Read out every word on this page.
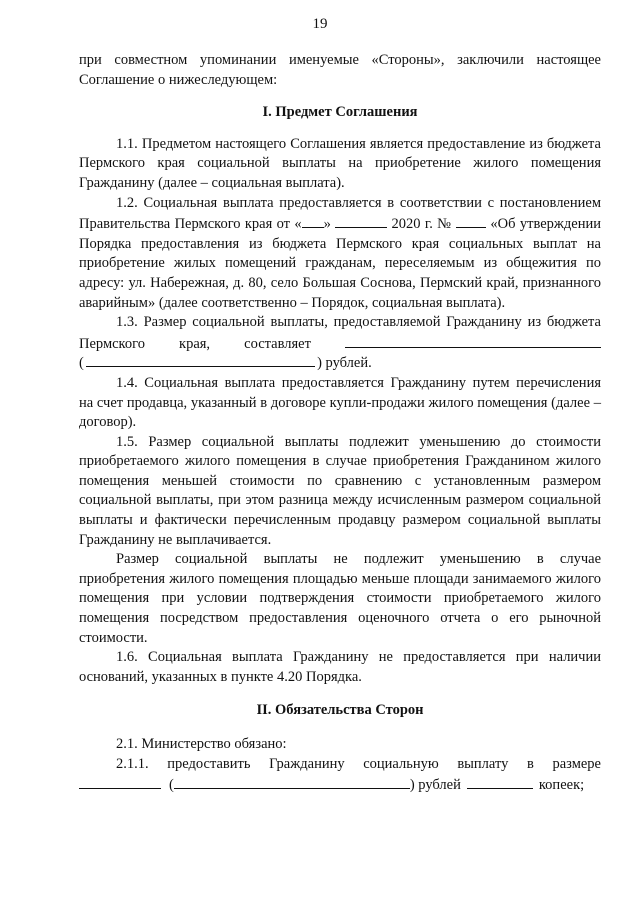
19

при совместном упоминании именуемые «Стороны», заключили настоящее Соглашение о нижеследующем:

I. Предмет Соглашения

1.1. Предметом настоящего Соглашения является предоставление из бюджета Пермского края социальной выплаты на приобретение жилого помещения Гражданину (далее – социальная выплата).

1.2. Социальная выплата предоставляется в соответствии с постановлением Правительства Пермского края от « »	2020 г. №	«Об утверждении Порядка предоставления из бюджета Пермского края социальных выплат на приобретение жилых помещений гражданам, переселяемым из общежития по адресу: ул. Набережная, д. 80, село Большая Соснова, Пермский край, признанного аварийным» (далее соответственно – Порядок, социальная выплата).

1.3. Размер социальной выплаты, предоставляемой Гражданину из бюджета Пермского края, составляет

(	) рублей.

1.4. Социальная выплата предоставляется Гражданину путем перечисления на счет продавца, указанный в договоре купли-продажи жилого помещения (далее – договор).

1.5. Размер социальной выплаты подлежит уменьшению до стоимости приобретаемого жилого помещения в случае приобретения Гражданином жилого помещения меньшей стоимости по сравнению с установленным размером социальной выплаты, при этом разница между исчисленным размером социальной выплаты и фактически перечисленным продавцу размером социальной выплаты Гражданину не выплачивается.

Размер социальной выплаты не подлежит уменьшению в случае приобретения жилого помещения площадью меньше площади занимаемого жилого помещения при условии подтверждения стоимости приобретаемого жилого помещения посредством предоставления оценочного отчета о его рыночной стоимости.

1.6. Социальная выплата Гражданину не предоставляется при наличии оснований, указанных в пункте 4.20 Порядка.

II. Обязательства Сторон

2.1. Министерство обязано:

2.1.1. предоставить Гражданину социальную выплату в размере

(	) рублей	копеек;
